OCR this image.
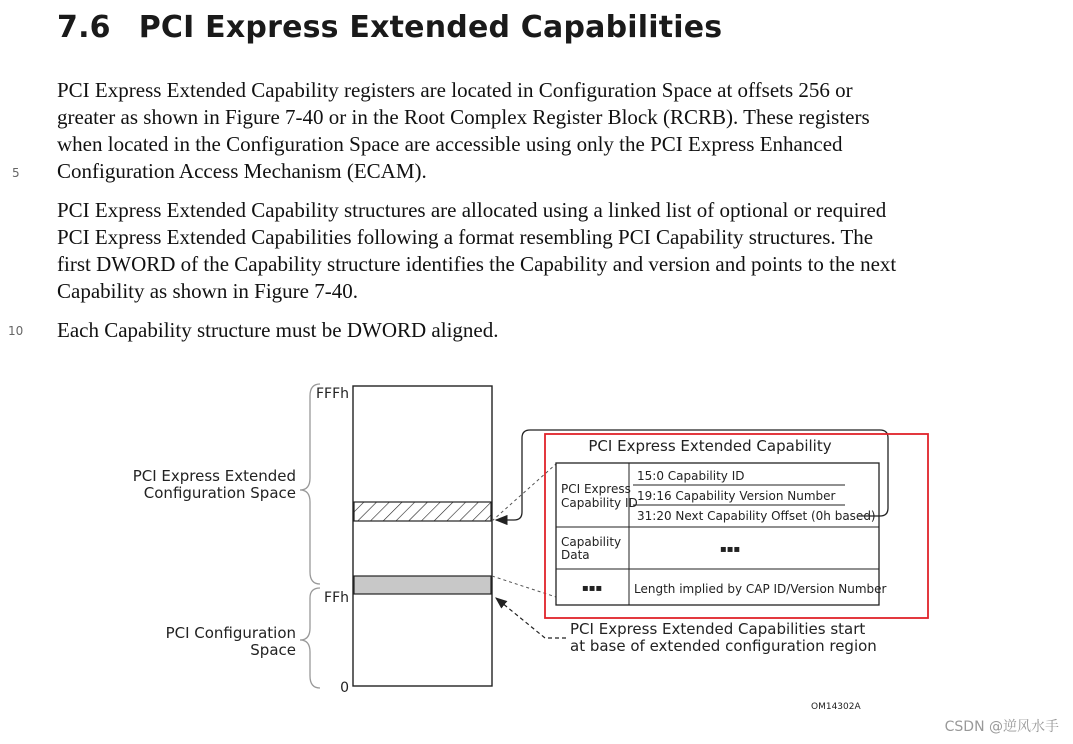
7.6 PCI Express Extended Capabilities
PCI Express Extended Capability registers are located in Configuration Space at offsets 256 or
greater as shown in Figure 7-40 or in the Root Complex Register Block (RCRB). These registers
when located in the Configuration Space are accessible using only the PCI Express Enhanced
Configuration Access Mechanism (ECAM).
5
PCI Express Extended Capability structures are allocated using a linked list of optional or required
PCI Express Extended Capabilities following a format resembling PCI Capability structures. The
first DWORD of the Capability structure identifies the Capability and version and points to the next
Capability as shown in Figure 7-40.
Each Capability structure must be DWORD aligned.
10
FFFh
FFh
0
PCI Express Extended
Configuration Space
PCI Configuration
Space
PCI Express Extended Capability
PCI Express
Capability ID
15:0 Capability ID
19:16 Capability Version Number
31:20 Next Capability Offset (0h based)
Capability
Data	▪▪▪
▪▪▪	Length implied by CAP ID/Version Number
PCI Express Extended Capabilities start
at base of extended configuration region
OM14302A
CSDN @逆风水手
